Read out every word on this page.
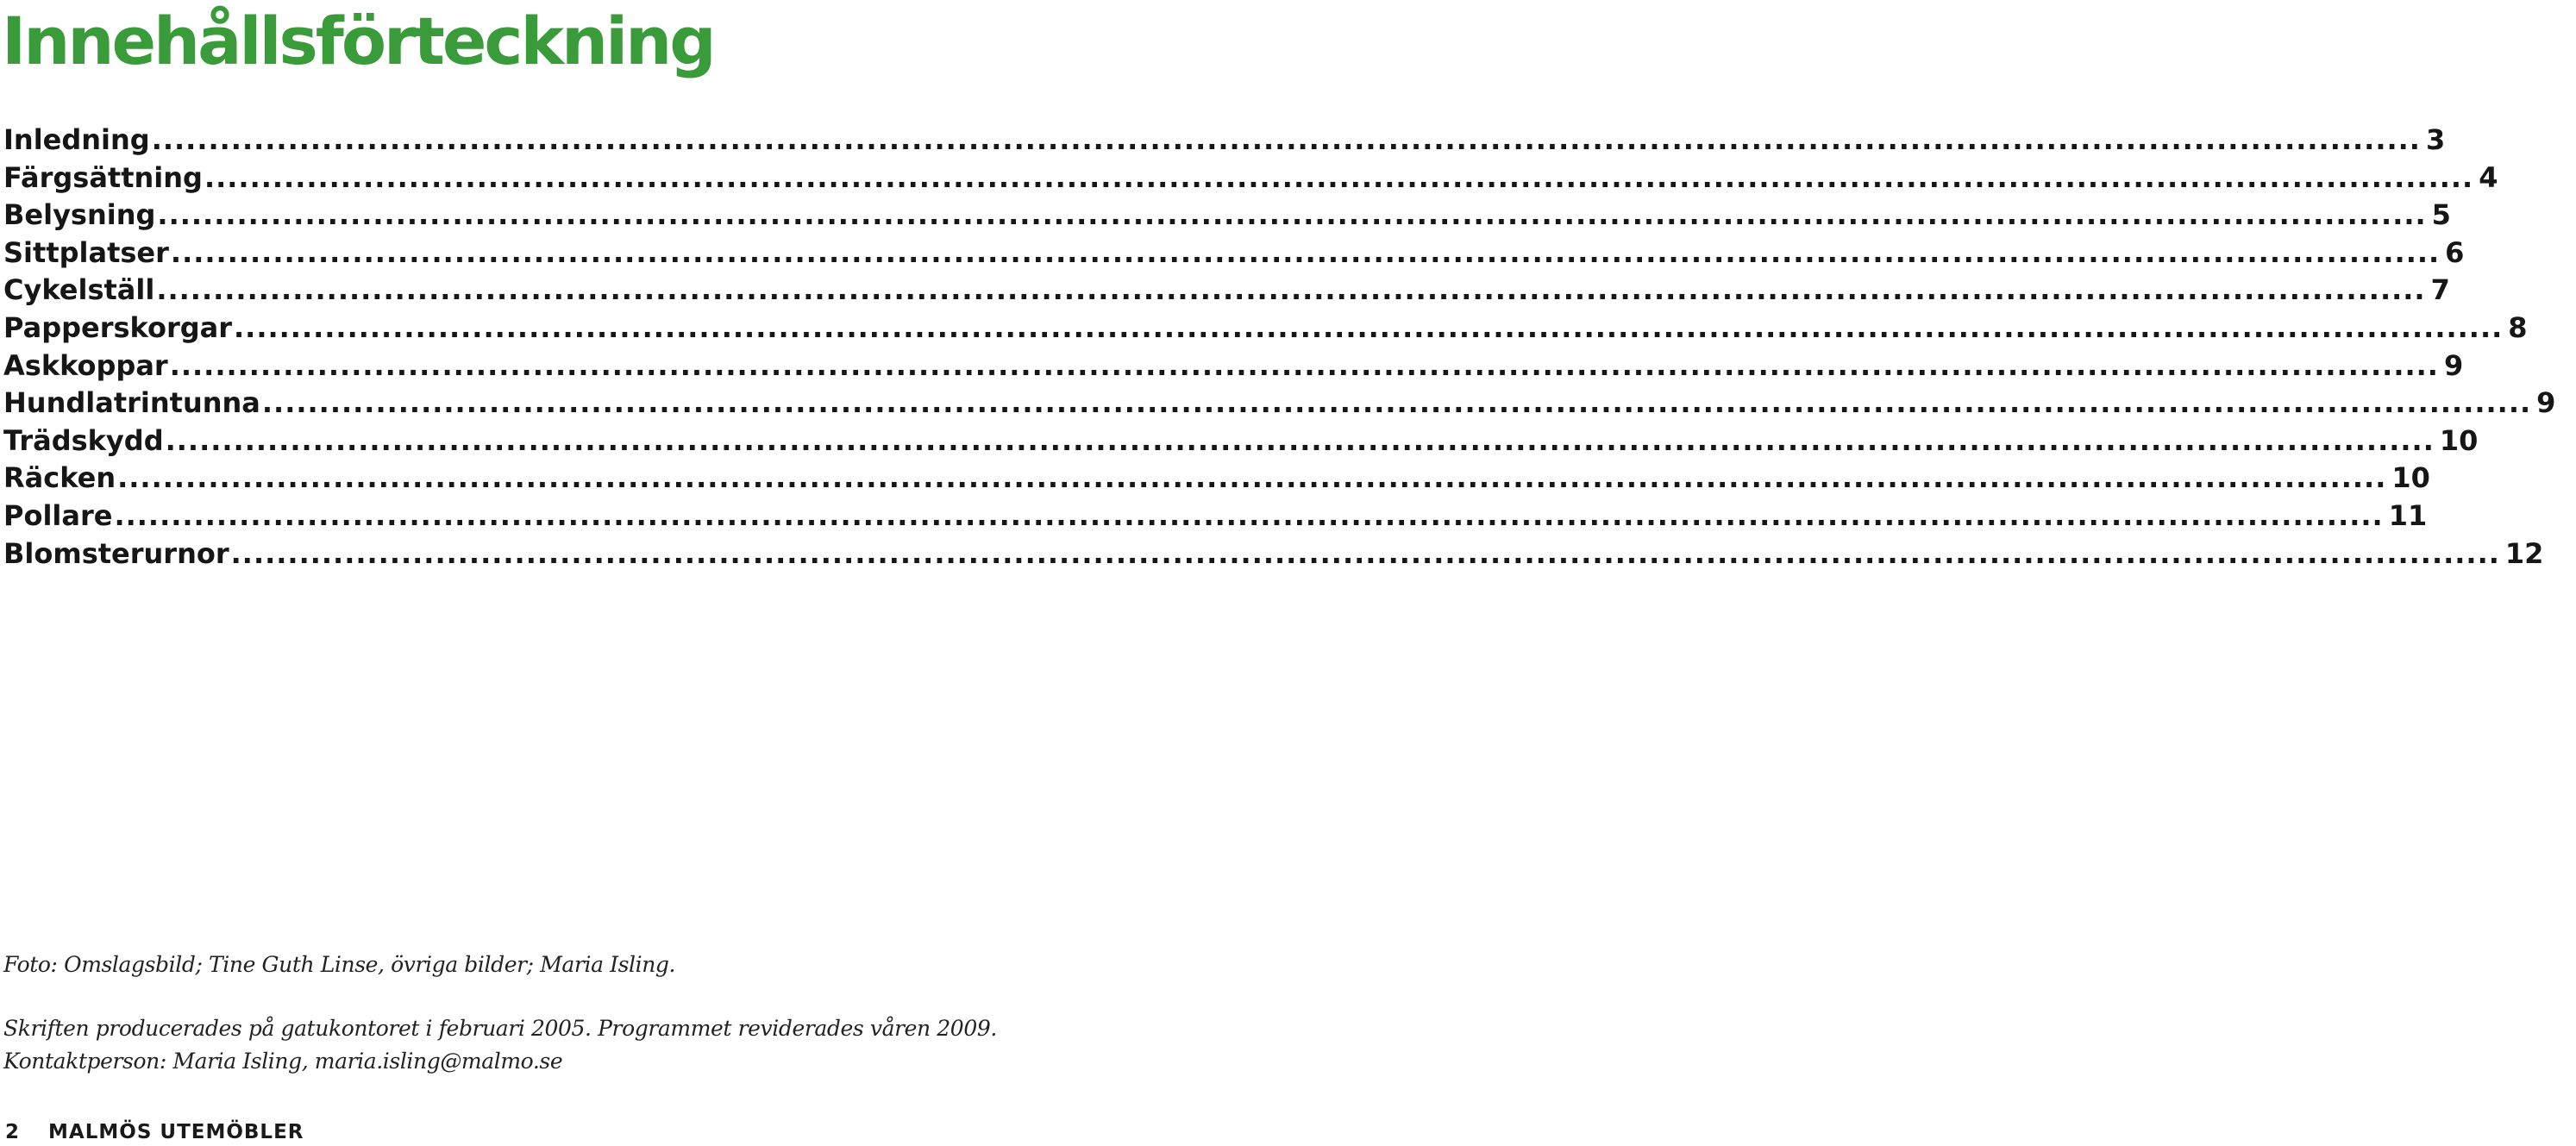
Innehållsförteckning
Inledning .....	3
Färgsättning .....	4
Belysning .....	5
Sittplatser .....	6
Cykelställ .....	7
Papperskorgar .....	8
Askkoppar .....	9
Hundlatrintunna .....	9
Trädskydd .....	10
Räcken .....	10
Pollare .....	11
Blomsterurnor .....	12

Foto: Omslagsbild; Tine Guth Linse, övriga bilder; Maria Isling.

Skriften producerades på gatukontoret i februari 2005. Programmet reviderades våren 2009.

Kontaktperson: Maria Isling, maria.isling@malmo.se

2 MALMÖS UTEMÖBLER
